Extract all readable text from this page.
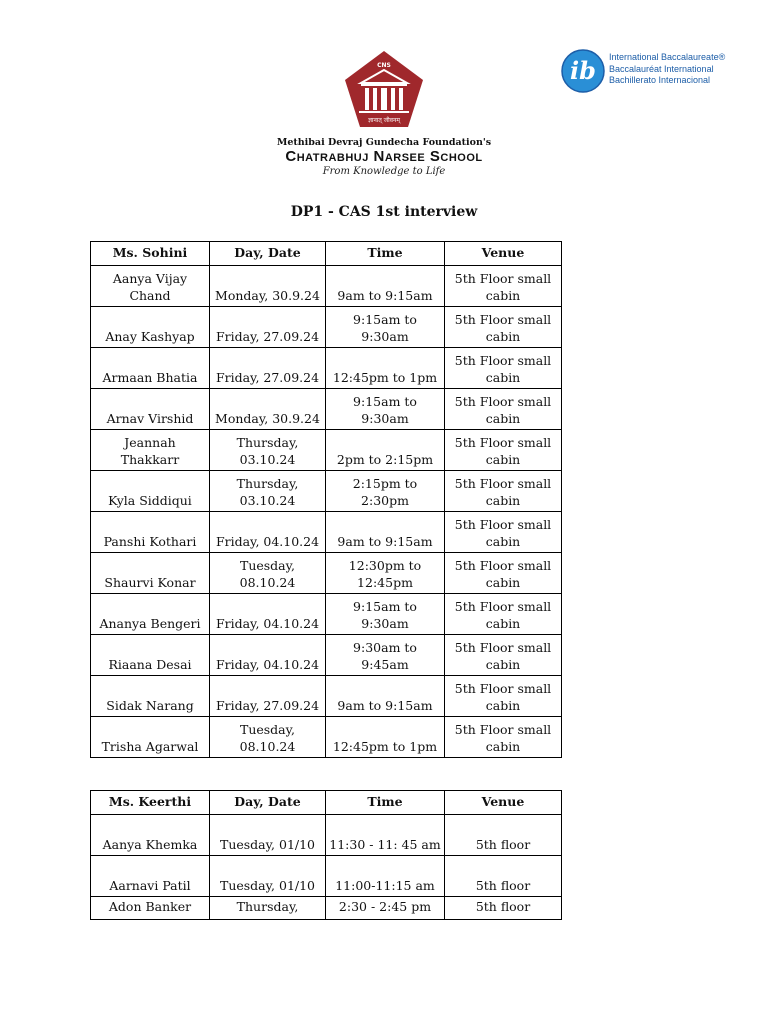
CNS
ज्ञानात् जीवनम्
Methibai Devraj Gundecha Foundation's
Chatrabhuj Narsee School
From Knowledge to Life
ib International Baccalaureate®
Baccalauréat International
Bachillerato Internacional
DP1 - CAS 1st interview
Ms. Sohini	Day, Date	Time	Venue
Aanya Vijay Chand	Monday, 30.9.24	9am to 9:15am	5th Floor small cabin
Anay Kashyap	Friday, 27.09.24	9:15am to 9:30am	5th Floor small cabin
Armaan Bhatia	Friday, 27.09.24	12:45pm to 1pm	5th Floor small cabin
Arnav Virshid	Monday, 30.9.24	9:15am to 9:30am	5th Floor small cabin
Jeannah Thakkarr	Thursday, 03.10.24	2pm to 2:15pm	5th Floor small cabin
Kyla Siddiqui	Thursday, 03.10.24	2:15pm to 2:30pm	5th Floor small cabin
Panshi Kothari	Friday, 04.10.24	9am to 9:15am	5th Floor small cabin
Shaurvi Konar	Tuesday, 08.10.24	12:30pm to 12:45pm	5th Floor small cabin
Ananya Bengeri	Friday, 04.10.24	9:15am to 9:30am	5th Floor small cabin
Riaana Desai	Friday, 04.10.24	9:30am to 9:45am	5th Floor small cabin
Sidak Narang	Friday, 27.09.24	9am to 9:15am	5th Floor small cabin
Trisha Agarwal	Tuesday, 08.10.24	12:45pm to 1pm	5th Floor small cabin
Ms. Keerthi	Day, Date	Time	Venue
Aanya Khemka	Tuesday, 01/10	11:30 - 11: 45 am	5th floor
Aarnavi Patil	Tuesday, 01/10	11:00-11:15 am	5th floor
Adon Banker	Thursday,	2:30 - 2:45 pm	5th floor
